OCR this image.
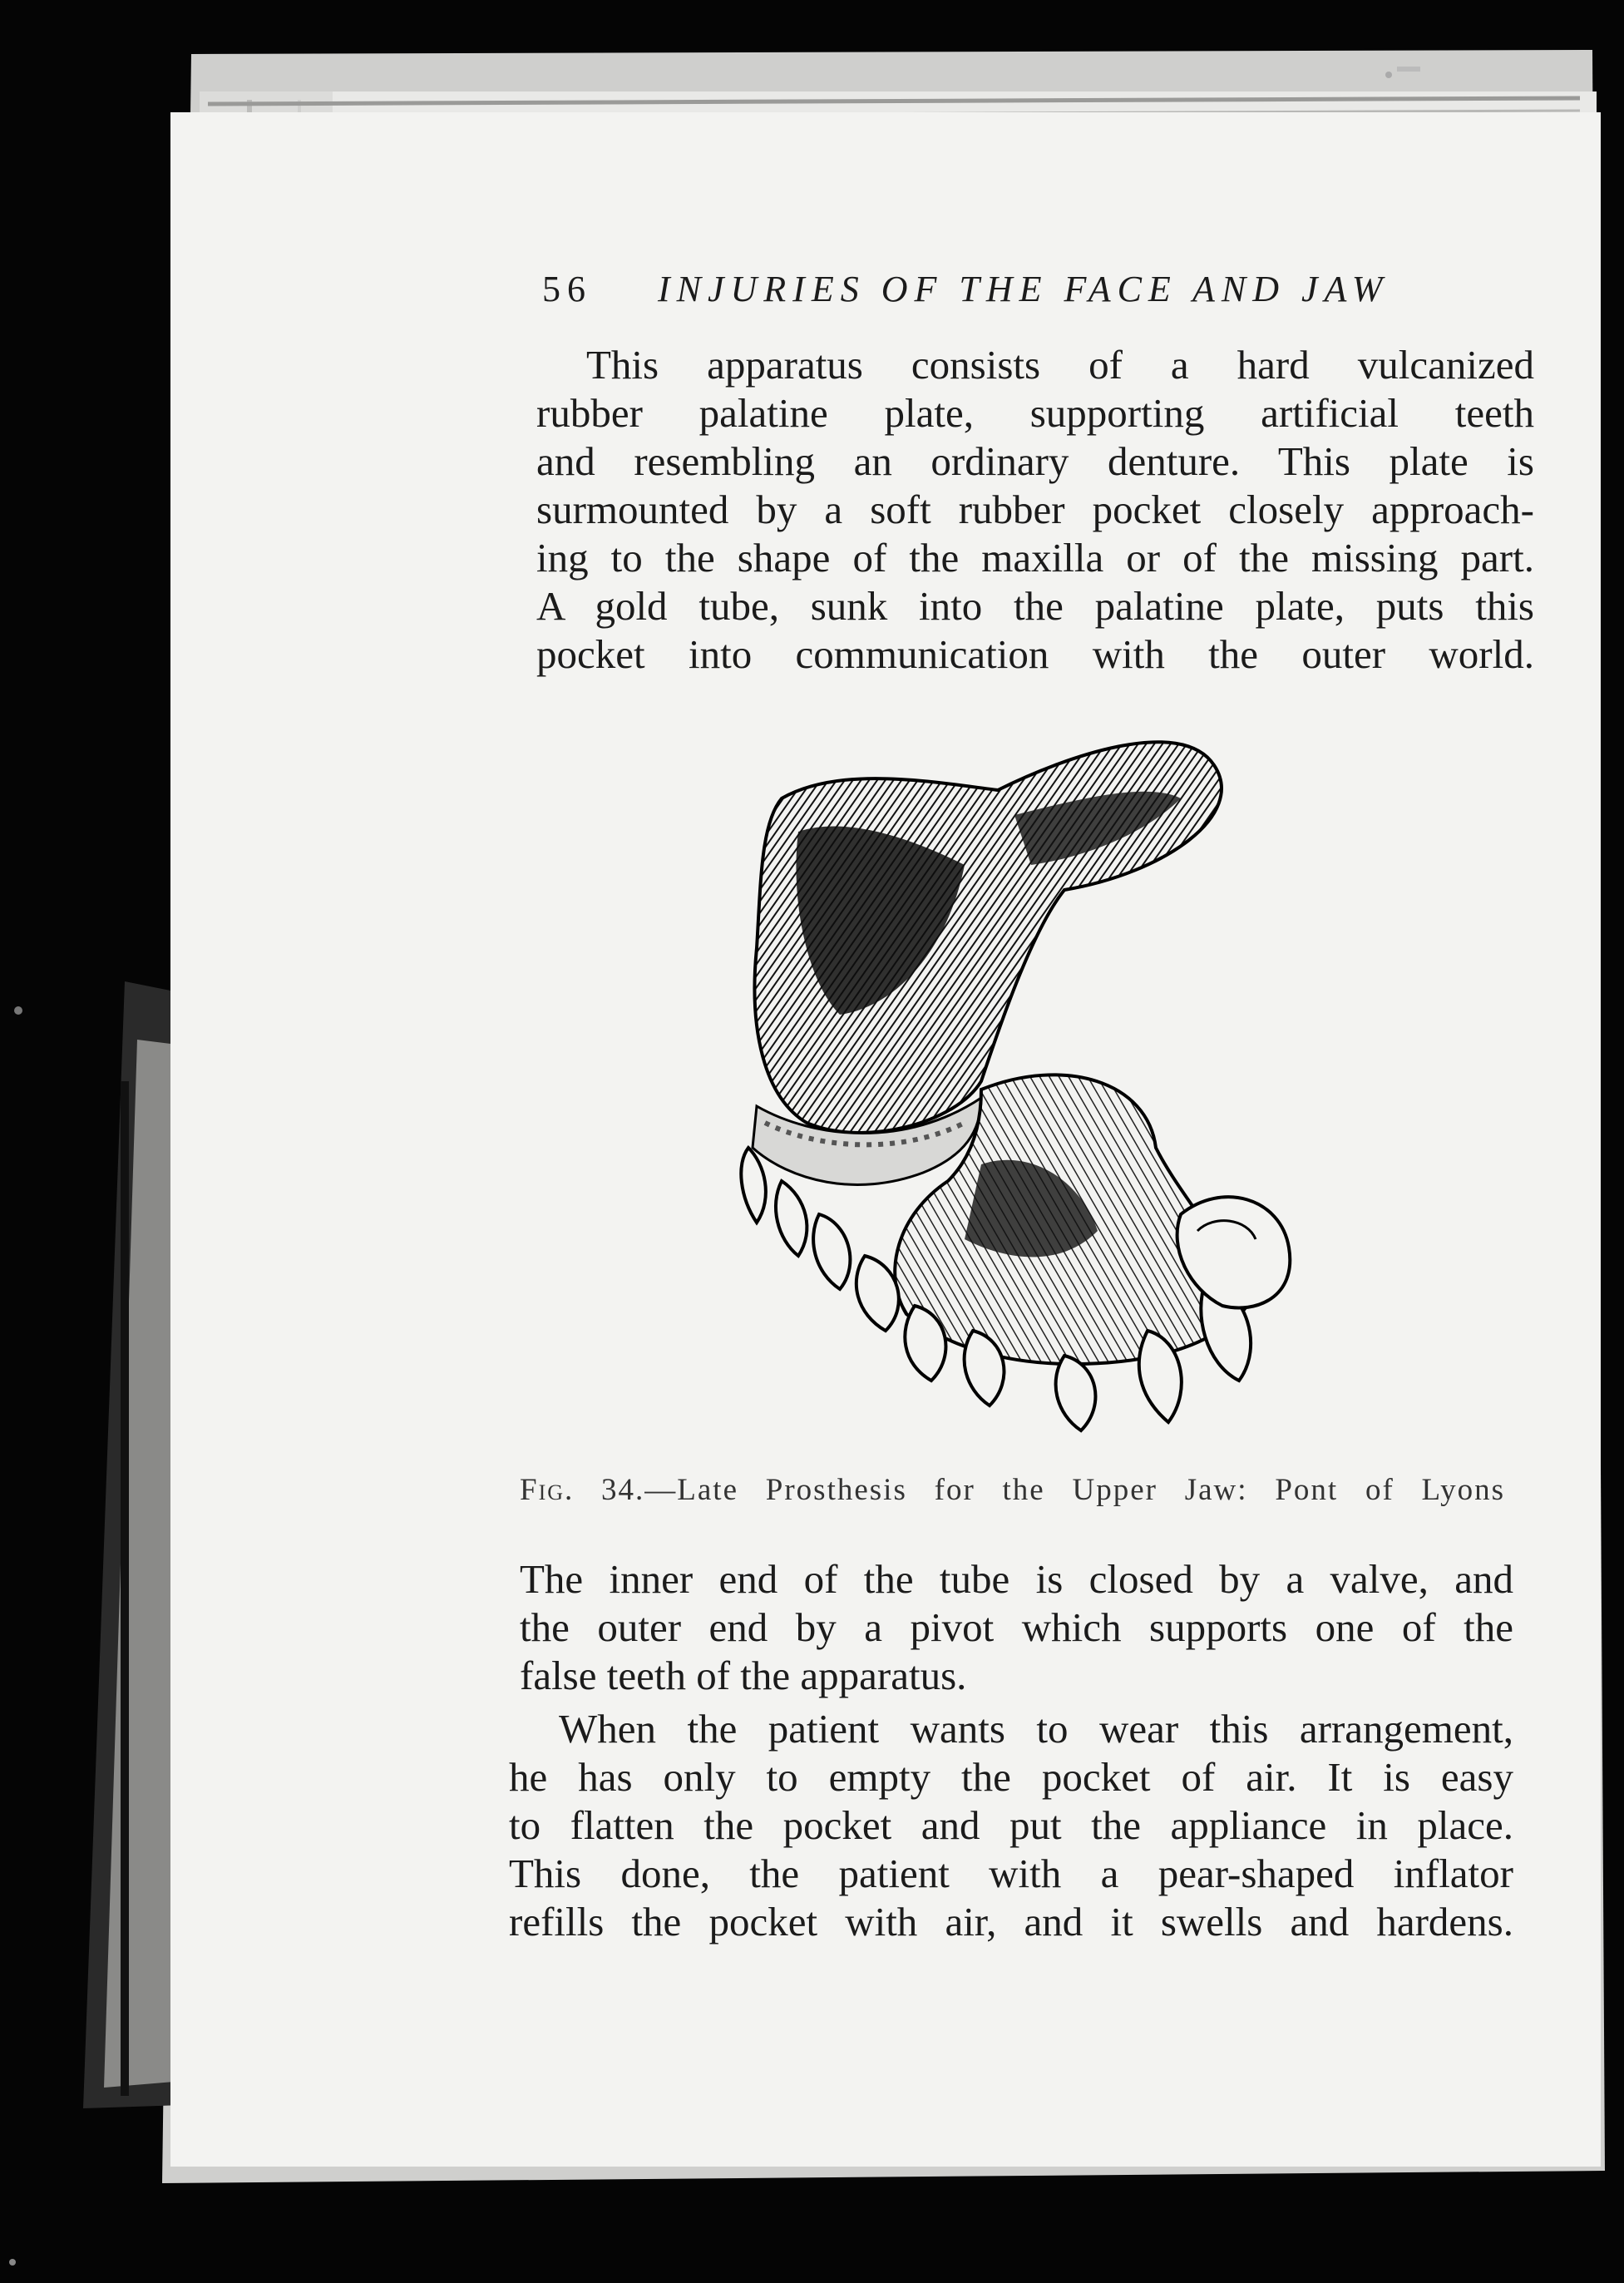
56 INJURIES OF THE FACE AND JAW
This apparatus consists of a hard vulcanized
rubber palatine plate, supporting artificial teeth
and resembling an ordinary denture. This plate is
surmounted by a soft rubber pocket closely approach-
ing to the shape of the maxilla or of the missing part.
A gold tube, sunk into the palatine plate, puts this
pocket into communication with the outer world.
Fig. 34.—Late Prosthesis for the Upper Jaw: Pont of Lyons
The inner end of the tube is closed by a valve, and
the outer end by a pivot which supports one of the
false teeth of the apparatus.
When the patient wants to wear this arrangement,
he has only to empty the pocket of air. It is easy
to flatten the pocket and put the appliance in place.
This done, the patient with a pear-shaped inflator
refills the pocket with air, and it swells and hardens.
